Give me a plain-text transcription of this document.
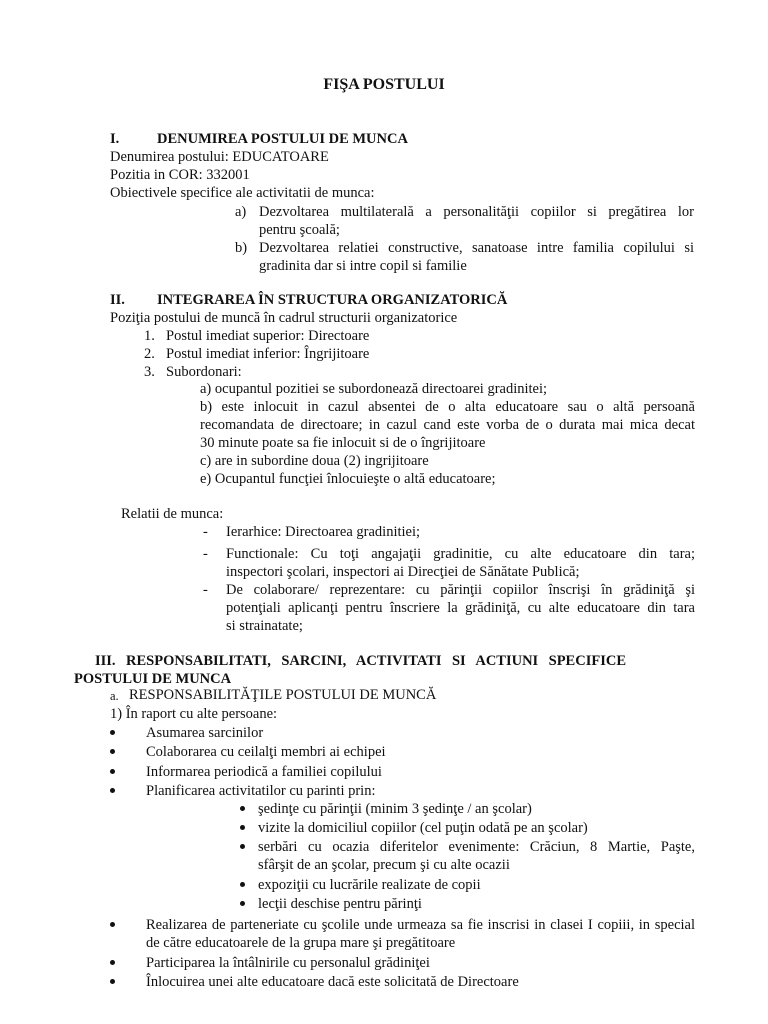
FIŞA POSTULUI
I.	DENUMIREA POSTULUI DE MUNCA
Denumirea postului: EDUCATOARE
Pozitia in COR: 332001
Obiectivele specifice ale activitatii de munca:
a) Dezvoltarea multilaterală a personalităţii copiilor si pregătirea lor
pentru şcoală;
b) Dezvoltarea relatiei constructive, sanatoase intre familia copilului si
gradinita dar si intre copil si familie
II. INTEGRAREA ÎN STRUCTURA ORGANIZATORICĂ
Poziţia postului de muncă în cadrul structurii organizatorice
1. Postul imediat superior: Directoare
2. Postul imediat inferior: Îngrijitoare
3. Subordonari:
a) ocupantul pozitiei se subordonează directoarei gradinitei;
b) este inlocuit in cazul absentei de o alta educatoare sau o altă persoană
recomandata de directoare; in cazul cand este vorba de o durata mai mica decat
30 minute poate sa fie inlocuit si de o îngrijitoare
c) are in subordine doua (2) ingrijitoare
e) Ocupantul funcţiei înlocuieşte o altă educatoare;
Relatii de munca:
- Ierarhice: Directoarea gradinitiei;
- Functionale: Cu toţi angajaţii gradinitie, cu alte educatoare din tara;
inspectori şcolari, inspectori ai Direcţiei de Sănătate Publică;
- De colaborare/ reprezentare: cu părinţii copiilor înscrişi în grădiniţă şi
potenţiali aplicanţi pentru înscriere la grădiniţă, cu alte educatoare din tara
si strainatate;
III. RESPONSABILITATI, SARCINI, ACTIVITATI SI ACTIUNI SPECIFICE
POSTULUI DE MUNCA
a. RESPONSABILITĂŢILE POSTULUI DE MUNCĂ
1) În raport cu alte persoane:
Asumarea sarcinilor
Colaborarea cu ceilalţi membri ai echipei
Informarea periodică a familiei copilului
Planificarea activitatilor cu parinti prin:
şedinţe cu părinţii (minim 3 şedinţe / an şcolar)
vizite la domiciliul copiilor (cel puţin odată pe an şcolar)
serbări cu ocazia diferitelor evenimente: Crăciun, 8 Martie, Paşte,
sfârşit de an şcolar, precum şi cu alte ocazii
expoziţii cu lucrările realizate de copii
lecţii deschise pentru părinţi
Realizarea de parteneriate cu şcolile unde urmeaza sa fie inscrisi in clasei I copiii, in special
de către educatoarele de la grupa mare şi pregătitoare
Participarea la întâlnirile cu personalul grădiniţei
Înlocuirea unei alte educatoare dacă este solicitată de Directoare
